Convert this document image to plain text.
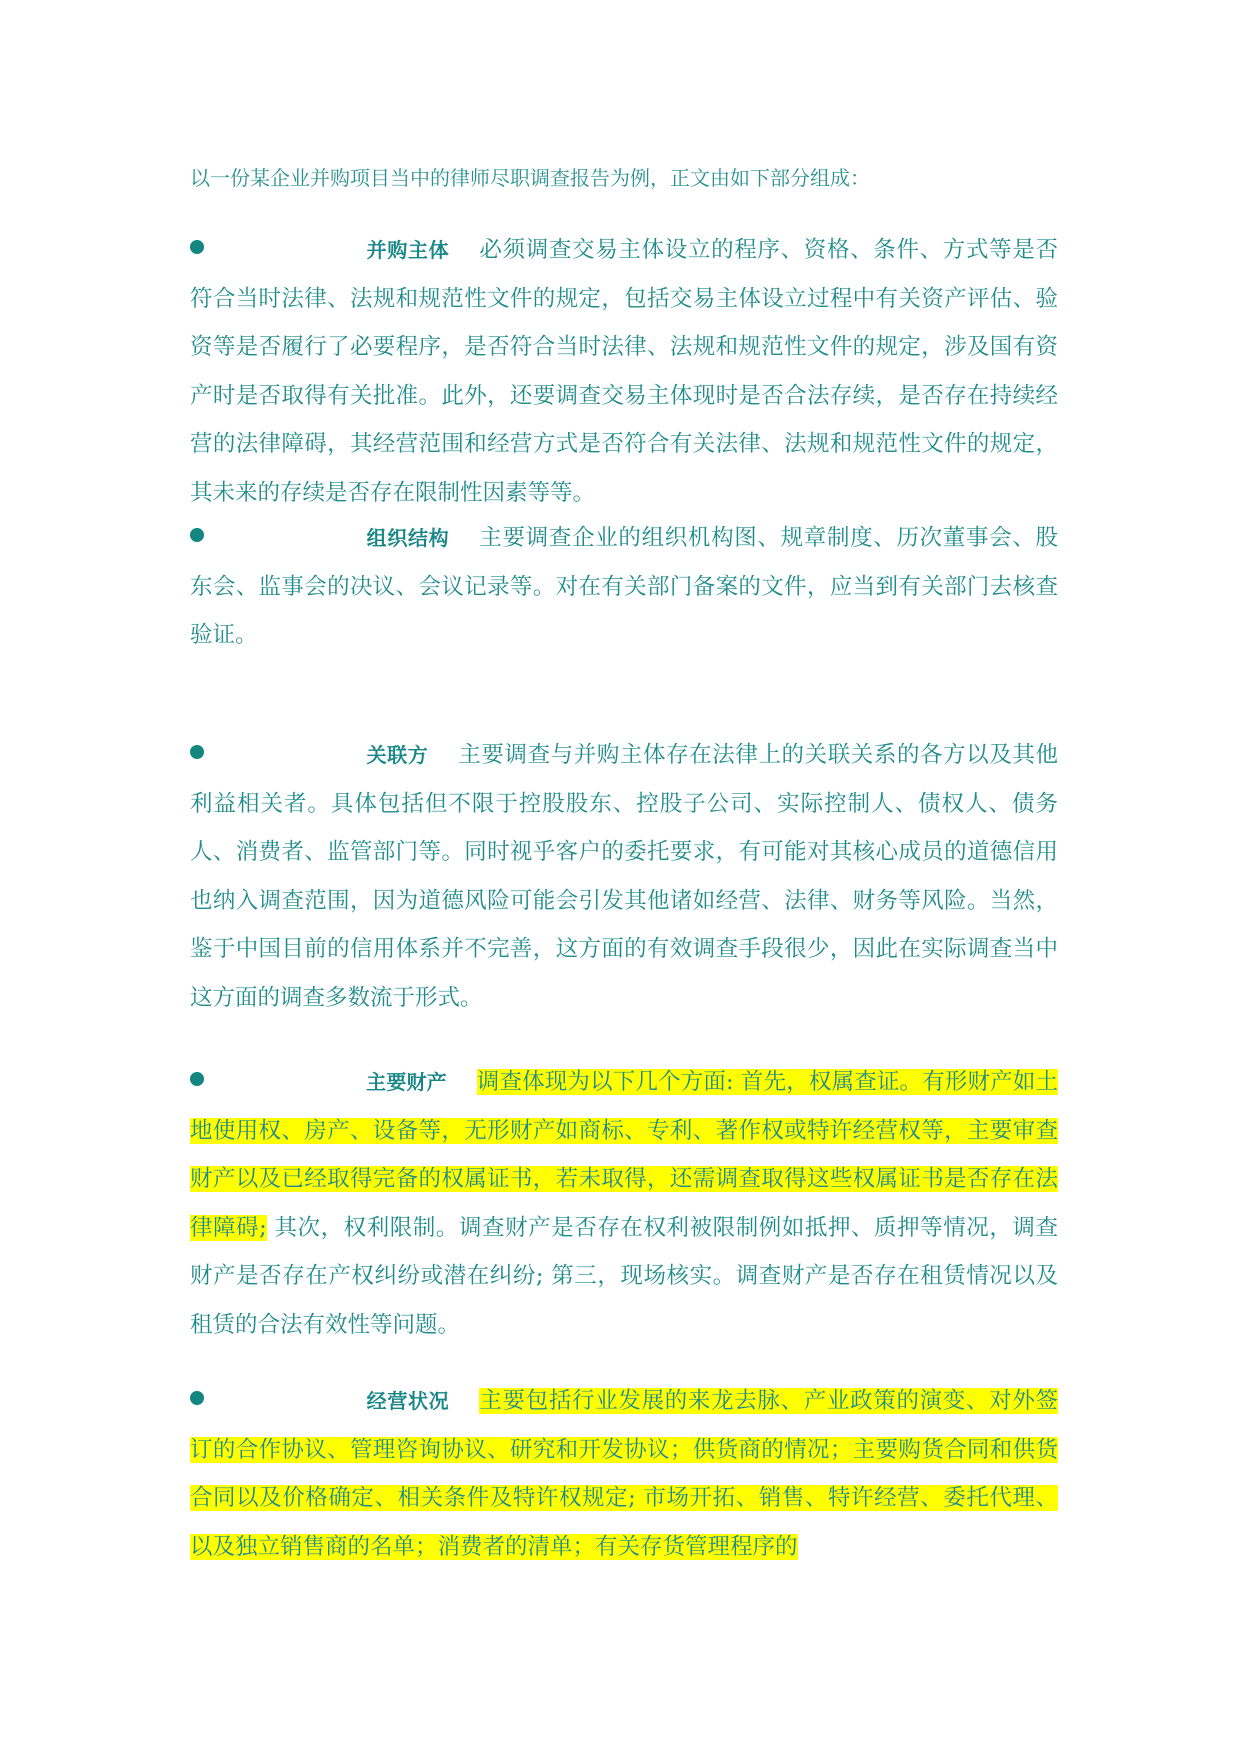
以一份某企业并购项目当中的律师尽职调查报告为例，正文由如下部分组成：
并购主体 必须调查交易主体设立的程序、资格、条件、方式等是否符合当时法律、法规和规范性文件的规定，包括交易主体设立过程中有关资产评估、验资等是否履行了必要程序，是否符合当时法律、法规和规范性文件的规定，涉及国有资产时是否取得有关批准。此外，还要调查交易主体现时是否合法存续，是否存在持续经营的法律障碍，其经营范围和经营方式是否符合有关法律、法规和规范性文件的规定，其未来的存续是否存在限制性因素等等。
组织结构 主要调查企业的组织机构图、规章制度、历次董事会、股东会、监事会的决议、会议记录等。对在有关部门备案的文件，应当到有关部门去核查验证。
关联方 主要调查与并购主体存在法律上的关联关系的各方以及其他利益相关者。具体包括但不限于控股股东、控股子公司、实际控制人、债权人、债务人、消费者、监管部门等。同时视乎客户的委托要求，有可能对其核心成员的道德信用也纳入调查范围，因为道德风险可能会引发其他诸如经营、法律、财务等风险。当然，鉴于中国目前的信用体系并不完善，这方面的有效调查手段很少，因此在实际调查当中这方面的调查多数流于形式。
主要财产 调查体现为以下几个方面: 首先，权属查证。有形财产如土地使用权、房产、设备等，无形财产如商标、专利、著作权或特许经营权等，主要审查财产以及已经取得完备的权属证书，若未取得，还需调查取得这些权属证书是否存在法律障碍; 其次，权利限制。调查财产是否存在权利被限制例如抵押、质押等情况，调查财产是否存在产权纠纷或潜在纠纷; 第三，现场核实。调查财产是否存在租赁情况以及租赁的合法有效性等问题。
经营状况 主要包括行业发展的来龙去脉、产业政策的演变、对外签订的合作协议、管理咨询协议、研究和开发协议；供货商的情况；主要购货合同和供货合同以及价格确定、相关条件及特许权规定; 市场开拓、销售、特许经营、委托代理、以及独立销售商的名单；消费者的清单；有关存货管理程序的
